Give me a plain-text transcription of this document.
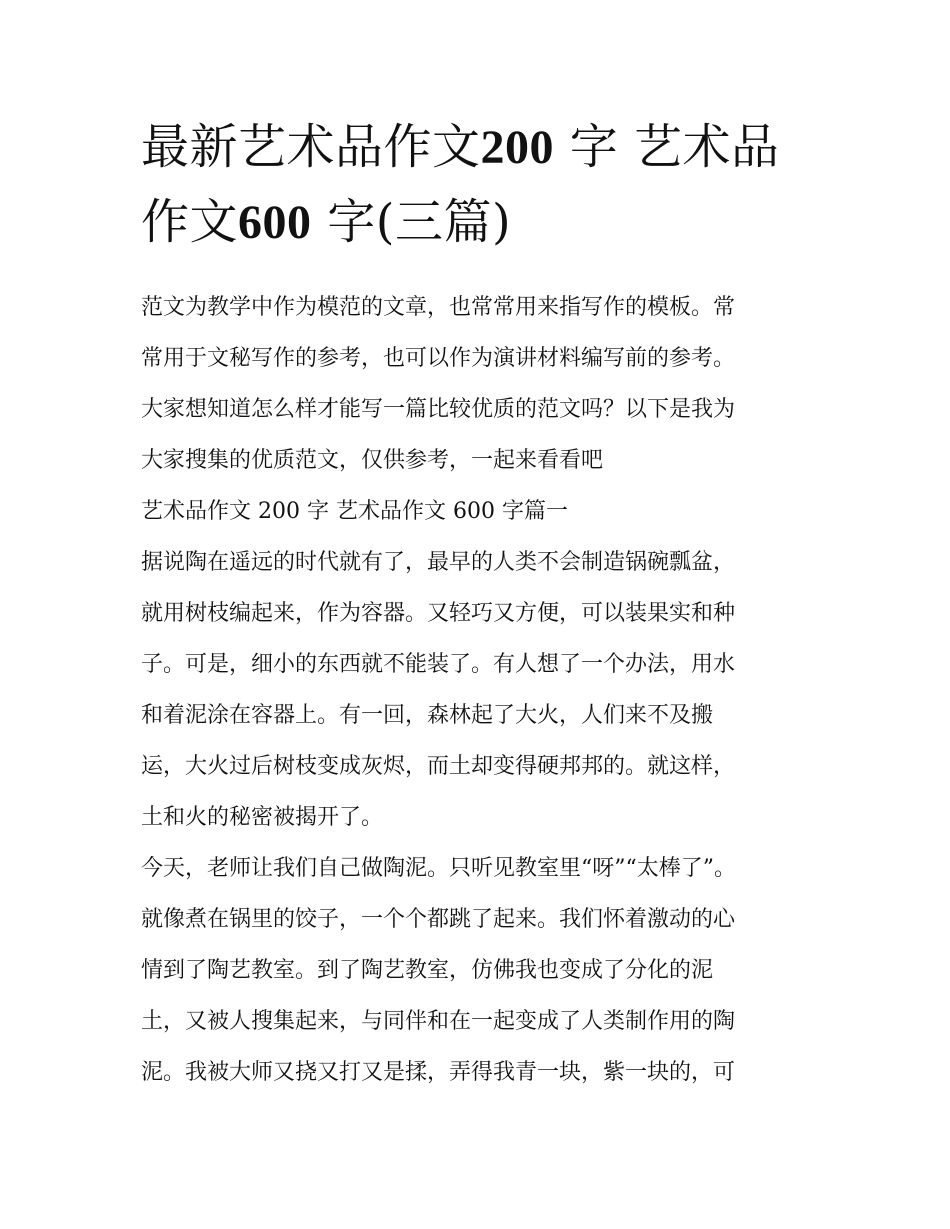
最新艺术品作文200 字 艺术品
作文600 字(三篇)

范文为教学中作为模范的文章，也常常用来指写作的模板。常
常用于文秘写作的参考，也可以作为演讲材料编写前的参考。
大家想知道怎么样才能写一篇比较优质的范文吗？以下是我为
大家搜集的优质范文，仅供参考，一起来看看吧

艺术品作文 200 字 艺术品作文 600 字篇一

据说陶在遥远的时代就有了，最早的人类不会制造锅碗瓢盆，
就用树枝编起来，作为容器。又轻巧又方便，可以装果实和种
子。可是，细小的东西就不能装了。有人想了一个办法，用水
和着泥涂在容器上。有一回，森林起了大火，人们来不及搬
运，大火过后树枝变成灰烬，而土却变得硬邦邦的。就这样，
土和火的秘密被揭开了。

今天，老师让我们自己做陶泥。只听见教室里“呀”“太棒了”。
就像煮在锅里的饺子，一个个都跳了起来。我们怀着激动的心
情到了陶艺教室。到了陶艺教室，仿佛我也变成了分化的泥
土，又被人搜集起来，与同伴和在一起变成了人类制作用的陶
泥。我被大师又挠又打又是揉，弄得我青一块，紫一块的，可
